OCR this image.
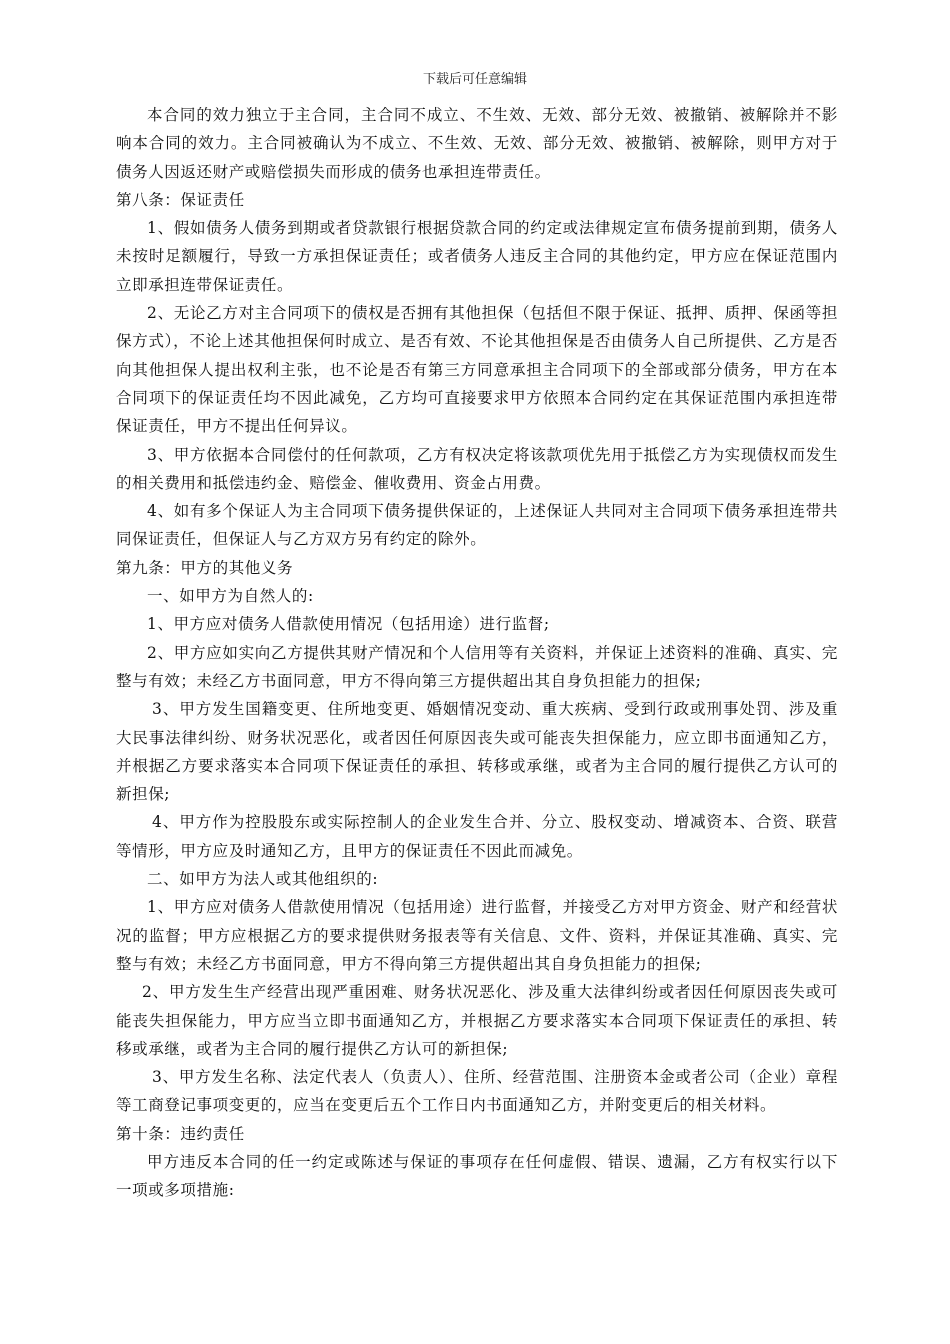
下载后可任意编辑

本合同的效力独立于主合同，主合同不成立、不生效、无效、部分无效、被撤销、被解除并不影响本合同的效力。主合同被确认为不成立、不生效、无效、部分无效、被撤销、被解除，则甲方对于债务人因返还财产或赔偿损失而形成的债务也承担连带责任。

第八条：保证责任

1、假如债务人债务到期或者贷款银行根据贷款合同的约定或法律规定宣布债务提前到期，债务人未按时足额履行，导致一方承担保证责任；或者债务人违反主合同的其他约定，甲方应在保证范围内立即承担连带保证责任。

2、无论乙方对主合同项下的债权是否拥有其他担保（包括但不限于保证、抵押、质押、保函等担保方式），不论上述其他担保何时成立、是否有效、不论其他担保是否由债务人自己所提供、乙方是否向其他担保人提出权利主张，也不论是否有第三方同意承担主合同项下的全部或部分债务，甲方在本合同项下的保证责任均不因此减免，乙方均可直接要求甲方依照本合同约定在其保证范围内承担连带保证责任，甲方不提出任何异议。

3、甲方依据本合同偿付的任何款项，乙方有权决定将该款项优先用于抵偿乙方为实现债权而发生的相关费用和抵偿违约金、赔偿金、催收费用、资金占用费。

4、如有多个保证人为主合同项下债务提供保证的，上述保证人共同对主合同项下债务承担连带共同保证责任，但保证人与乙方双方另有约定的除外。

第九条：甲方的其他义务

一、如甲方为自然人的:

1、甲方应对债务人借款使用情况（包括用途）进行监督;

2、甲方应如实向乙方提供其财产情况和个人信用等有关资料，并保证上述资料的准确、真实、完整与有效；未经乙方书面同意，甲方不得向第三方提供超出其自身负担能力的担保;

3、甲方发生国籍变更、住所地变更、婚姻情况变动、重大疾病、受到行政或刑事处罚、涉及重大民事法律纠纷、财务状况恶化，或者因任何原因丧失或可能丧失担保能力，应立即书面通知乙方，并根据乙方要求落实本合同项下保证责任的承担、转移或承继，或者为主合同的履行提供乙方认可的新担保;

4、甲方作为控股股东或实际控制人的企业发生合并、分立、股权变动、增减资本、合资、联营等情形，甲方应及时通知乙方，且甲方的保证责任不因此而减免。

二、如甲方为法人或其他组织的:

1、甲方应对债务人借款使用情况（包括用途）进行监督，并接受乙方对甲方资金、财产和经营状况的监督；甲方应根据乙方的要求提供财务报表等有关信息、文件、资料，并保证其准确、真实、完整与有效；未经乙方书面同意，甲方不得向第三方提供超出其自身负担能力的担保;

2、甲方发生生产经营出现严重困难、财务状况恶化、涉及重大法律纠纷或者因任何原因丧失或可能丧失担保能力，甲方应当立即书面通知乙方，并根据乙方要求落实本合同项下保证责任的承担、转移或承继，或者为主合同的履行提供乙方认可的新担保;

3、甲方发生名称、法定代表人（负责人）、住所、经营范围、注册资本金或者公司（企业）章程等工商登记事项变更的，应当在变更后五个工作日内书面通知乙方，并附变更后的相关材料。

第十条：违约责任

甲方违反本合同的任一约定或陈述与保证的事项存在任何虚假、错误、遗漏，乙方有权实行以下一项或多项措施:
